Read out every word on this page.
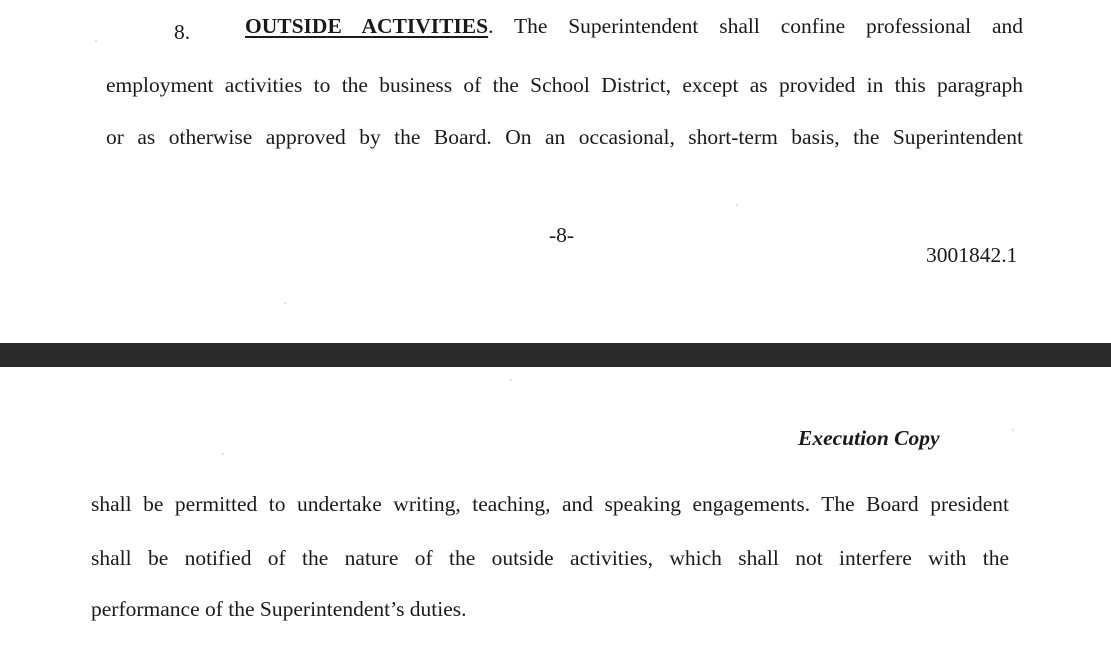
8.	OUTSIDE ACTIVITIES. The Superintendent shall confine professional and
employment activities to the business of the School District, except as provided in this paragraph
or as otherwise approved by the Board. On an occasional, short-term basis, the Superintendent
-8-
3001842.1
Execution Copy
shall be permitted to undertake writing, teaching, and speaking engagements. The Board president
shall be notified of the nature of the outside activities, which shall not interfere with the
performance of the Superintendent’s duties.
